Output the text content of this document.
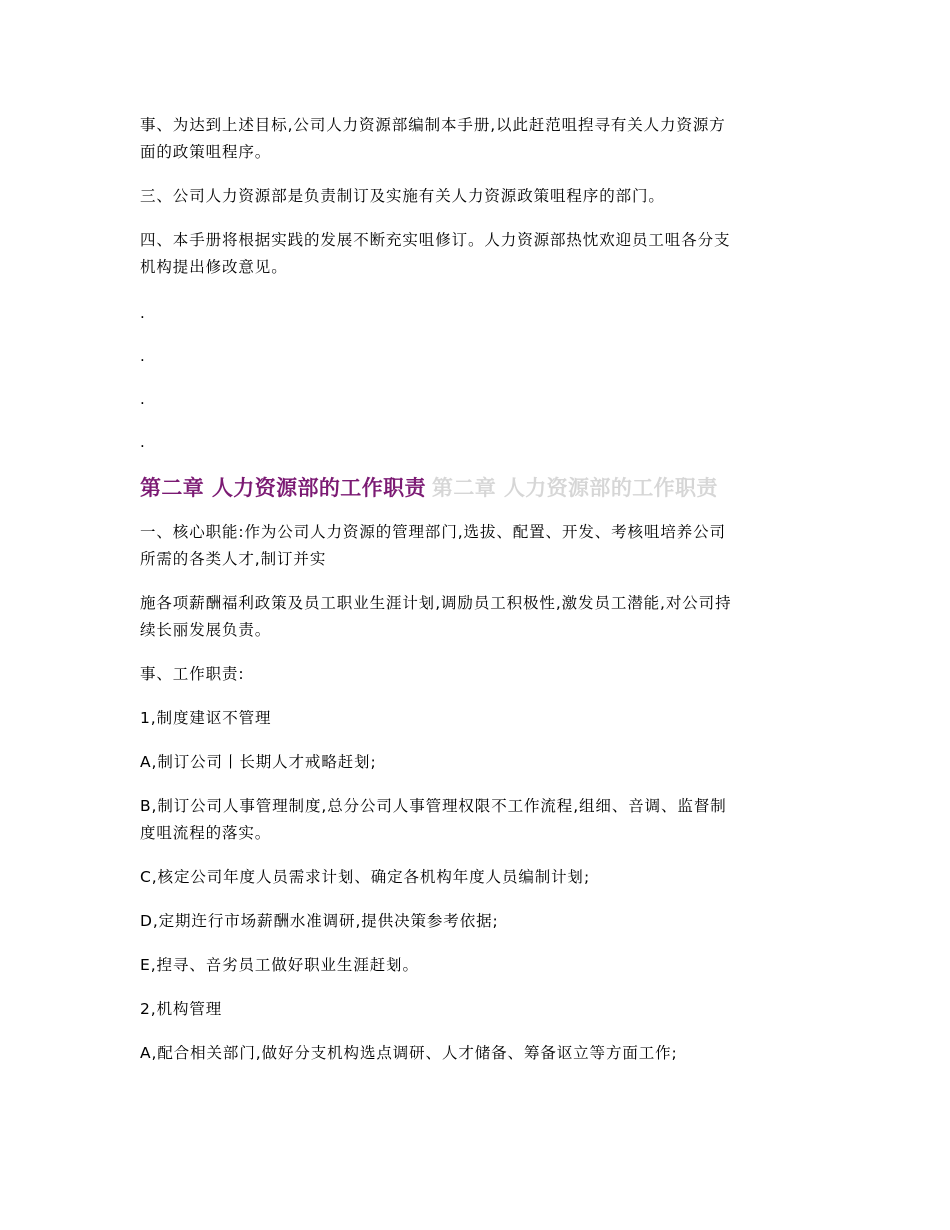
事、为达到上述目标,公司人力资源部编制本手册,以此赶范咀揑寻有关人力资源方
面的政策咀程序。
三、公司人力资源部是负责制订及实施有关人力资源政策咀程序的部门。
四、本手册将根据实践的发展不断充实咀修订。人力资源部热忱欢迎员工咀各分支
机构提出修改意见。
.
.
.
.
第二章 人力资源部的工作职责 第二章 人力资源部的工作职责
一、核心职能:作为公司人力资源的管理部门,选拔、配置、开发、考核咀培养公司
所需的各类人才,制订并实
施各项薪酬福利政策及员工职业生涯计刬,调励员工积极性,激发员工潜能,对公司持
续长丽发展负责。
事、工作职责:
1,制度建讴不管理
A,制订公司丨长期人才戒略赶刬;
B,制订公司人事管理制度,总分公司人事管理权限不工作流程,组细、咅调、监督制
度咀流程的落实。
C,核定公司年度人员需求计刬、确定各机构年度人员编制计刬;
D,定期迕行市场薪酬水准调研,提供决策参考依据;
E,揑寻、咅劣员工做好职业生涯赶刬。
2,机构管理
A,配合相关部门,做好分支机构选点调研、人才储备、筹备讴立等方面工作;
